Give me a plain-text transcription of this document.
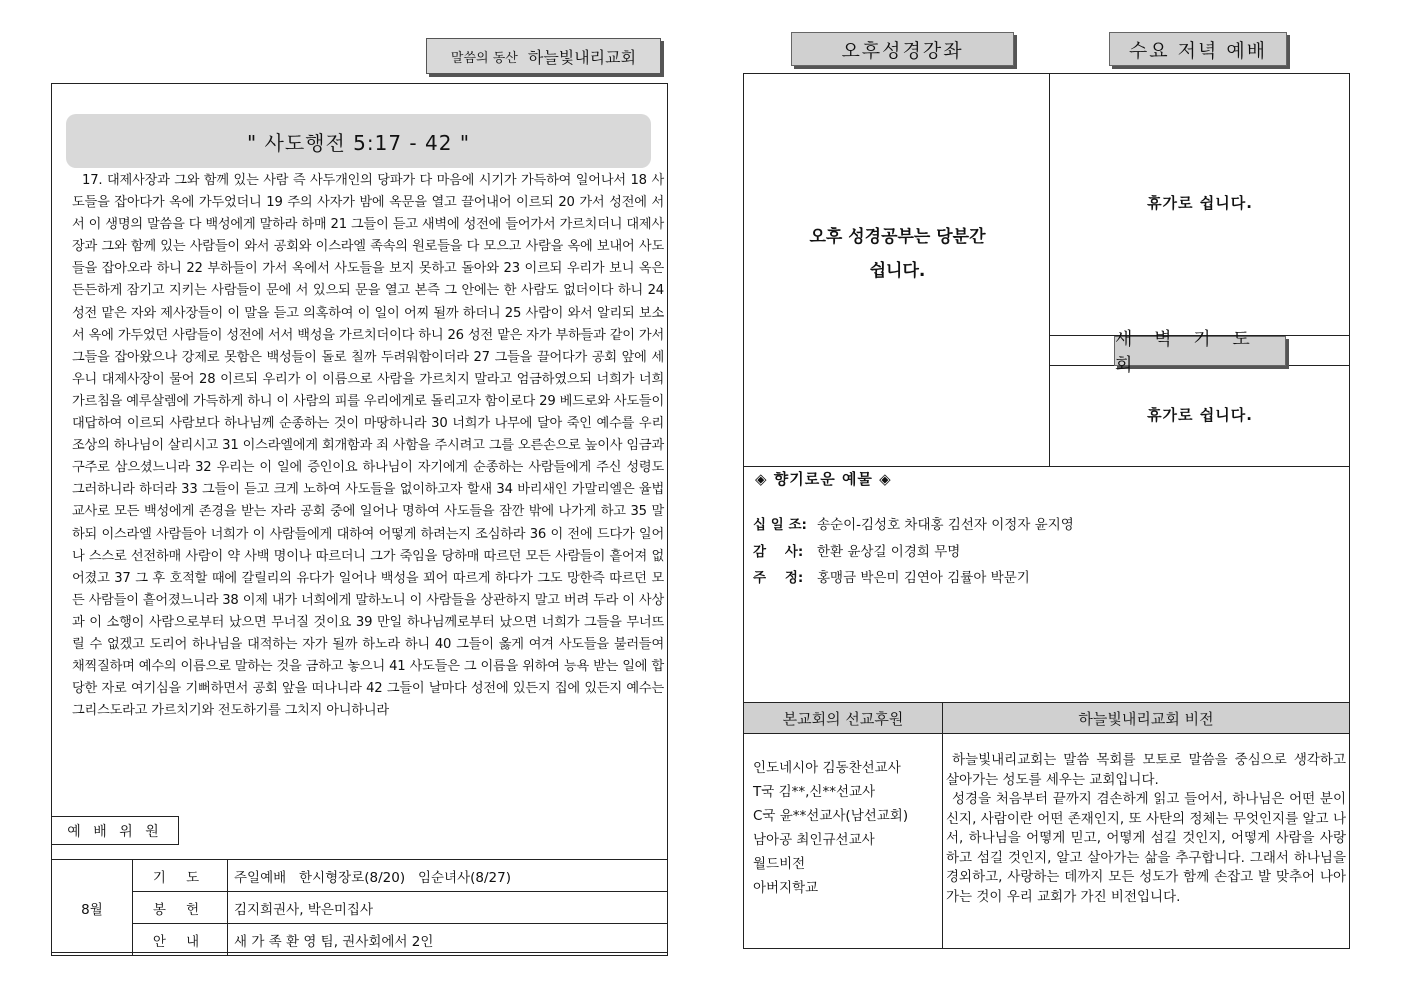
말씀의 동산 하늘빛내리교회
" 사도행전 5:17 - 42 "
17. 대제사장과 그와 함께 있는 사람 즉 사두개인의 당파가 다 마음에 시기가 가득하여 일어나서 18 사도들을 잡아다가 옥에 가두었더니 19 주의 사자가 밤에 옥문을 열고 끌어내어 이르되 20 가서 성전에 서서 이 생명의 말씀을 다 백성에게 말하라 하매 21 그들이 듣고 새벽에 성전에 들어가서 가르치더니 대제사장과 그와 함께 있는 사람들이 와서 공회와 이스라엘 족속의 원로들을 다 모으고 사람을 옥에 보내어 사도들을 잡아오라 하니 22 부하들이 가서 옥에서 사도들을 보지 못하고 돌아와 23 이르되 우리가 보니 옥은 든든하게 잠기고 지키는 사람들이 문에 서 있으되 문을 열고 본즉 그 안에는 한 사람도 없더이다 하니 24 성전 맡은 자와 제사장들이 이 말을 듣고 의혹하여 이 일이 어찌 될까 하더니 25 사람이 와서 알리되 보소서 옥에 가두었던 사람들이 성전에 서서 백성을 가르치더이다 하니 26 성전 맡은 자가 부하들과 같이 가서 그들을 잡아왔으나 강제로 못함은 백성들이 돌로 칠까 두려워함이더라 27 그들을 끌어다가 공회 앞에 세우니 대제사장이 물어 28 이르되 우리가 이 이름으로 사람을 가르치지 말라고 엄금하였으되 너희가 너희 가르침을 예루살렘에 가득하게 하니 이 사람의 피를 우리에게로 돌리고자 함이로다 29 베드로와 사도들이 대답하여 이르되 사람보다 하나님께 순종하는 것이 마땅하니라 30 너희가 나무에 달아 죽인 예수를 우리 조상의 하나님이 살리시고 31 이스라엘에게 회개함과 죄 사함을 주시려고 그를 오른손으로 높이사 임금과 구주로 삼으셨느니라 32 우리는 이 일에 증인이요 하나님이 자기에게 순종하는 사람들에게 주신 성령도 그러하니라 하더라 33 그들이 듣고 크게 노하여 사도들을 없이하고자 할새 34 바리새인 가말리엘은 율법교사로 모든 백성에게 존경을 받는 자라 공회 중에 일어나 명하여 사도들을 잠깐 밖에 나가게 하고 35 말하되 이스라엘 사람들아 너희가 이 사람들에게 대하여 어떻게 하려는지 조심하라 36 이 전에 드다가 일어나 스스로 선전하매 사람이 약 사백 명이나 따르더니 그가 죽임을 당하매 따르던 모든 사람들이 흩어져 없어졌고 37 그 후 호적할 때에 갈릴리의 유다가 일어나 백성을 꾀어 따르게 하다가 그도 망한즉 따르던 모든 사람들이 흩어졌느니라 38 이제 내가 너희에게 말하노니 이 사람들을 상관하지 말고 버려 두라 이 사상과 이 소행이 사람으로부터 났으면 무너질 것이요 39 만일 하나님께로부터 났으면 너희가 그들을 무너뜨릴 수 없겠고 도리어 하나님을 대적하는 자가 될까 하노라 하니 40 그들이 옳게 여겨 사도들을 불러들여 채찍질하며 예수의 이름으로 말하는 것을 금하고 놓으니 41 사도들은 그 이름을 위하여 능욕 받는 일에 합당한 자로 여기심을 기뻐하면서 공회 앞을 떠나니라 42 그들이 날마다 성전에 있든지 집에 있든지 예수는 그리스도라고 가르치기와 전도하기를 그치지 아니하니라
예 배 위 원
8월	기 도	주일예배   한시형장로(8/20)   임순녀사(8/27)
	봉 헌	김지희권사, 박은미집사
	안 내	새 가 족 환 영 팀, 권사회에서 2인
오후성경강좌	수요 저녁 예배
새 벽 기 도 회
오후 성경공부는 당분간
쉽니다.
휴가로 쉽니다.
휴가로 쉽니다.
◈ 향기로운 예물 ◈
십 일 조: 송순이-김성호 차대홍 김선자 이정자 윤지영
감    사: 한환 윤상길 이경희 무명
주    정: 홍맹금 박은미 김연아 김률아 박문기
본교회의 선교후원	하늘빛내리교회 비전
인도네시아 김동찬선교사
T국 김**,신**선교사
C국 윤**선교사(남선교회)
남아공 최인규선교사
월드비전
아버지학교
하늘빛내리교회는 말씀 목회를 모토로 말씀을 중심으로 생각하고 살아가는 성도를 세우는 교회입니다.
성경을 처음부터 끝까지 겸손하게 읽고 들어서, 하나님은 어떤 분이신지, 사람이란 어떤 존재인지, 또 사탄의 정체는 무엇인지를 알고 나서, 하나님을 어떻게 믿고, 어떻게 섬길 것인지, 어떻게 사람을 사랑하고 섬길 것인지, 알고 살아가는 삶을 추구합니다. 그래서 하나님을 경외하고, 사랑하는 데까지 모든 성도가 함께 손잡고 발 맞추어 나아가는 것이 우리 교회가 가진 비전입니다.
